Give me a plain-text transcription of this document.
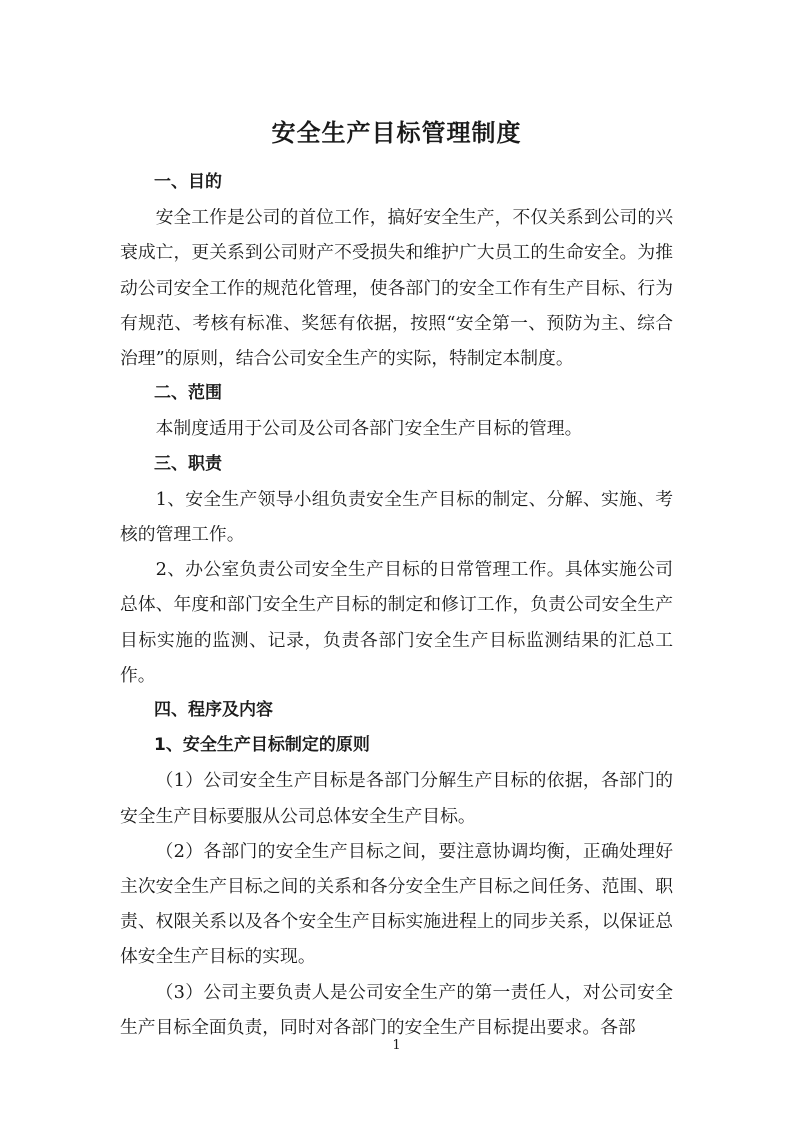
安全生产目标管理制度

一、目的

安全工作是公司的首位工作，搞好安全生产，不仅关系到公司的兴衰成亡，更关系到公司财产不受损失和维护广大员工的生命安全。为推动公司安全工作的规范化管理，使各部门的安全工作有生产目标、行为有规范、考核有标准、奖惩有依据，按照“安全第一、预防为主、综合治理”的原则，结合公司安全生产的实际，特制定本制度。

二、范围

本制度适用于公司及公司各部门安全生产目标的管理。

三、职责

1、安全生产领导小组负责安全生产目标的制定、分解、实施、考核的管理工作。

2、办公室负责公司安全生产目标的日常管理工作。具体实施公司总体、年度和部门安全生产目标的制定和修订工作，负责公司安全生产目标实施的监测、记录，负责各部门安全生产目标监测结果的汇总工作。

四、程序及内容

1、安全生产目标制定的原则

（1）公司安全生产目标是各部门分解生产目标的依据，各部门的安全生产目标要服从公司总体安全生产目标。

（2）各部门的安全生产目标之间，要注意协调均衡，正确处理好主次安全生产目标之间的关系和各分安全生产目标之间任务、范围、职责、权限关系以及各个安全生产目标实施进程上的同步关系，以保证总体安全生产目标的实现。

（3）公司主要负责人是公司安全生产的第一责任人，对公司安全生产目标全面负责，同时对各部门的安全生产目标提出要求。各部

1
